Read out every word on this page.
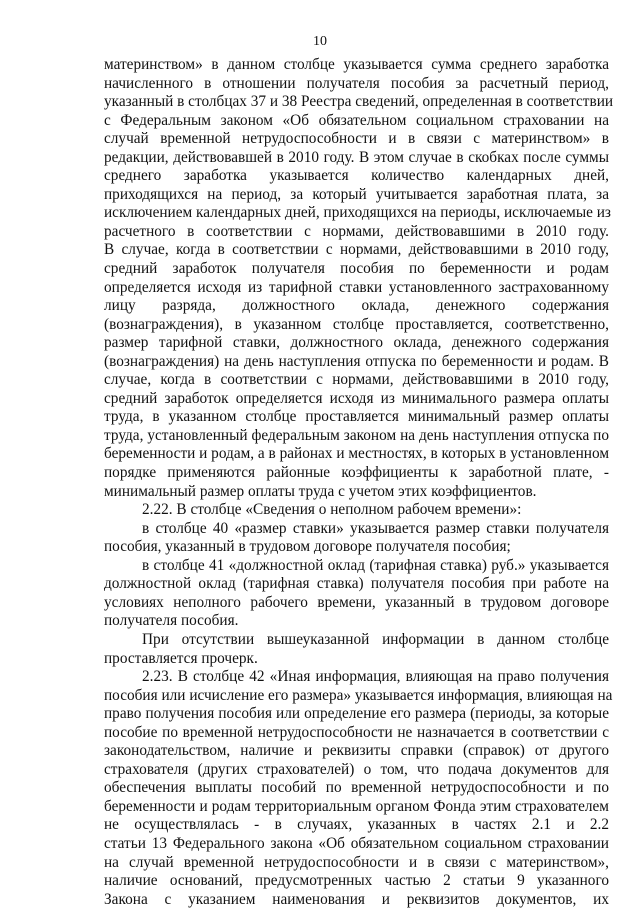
10
материнством» в данном столбце указывается сумма среднего заработка
начисленного в отношении получателя пособия за расчетный период,
указанный в столбцах 37 и 38 Реестра сведений, определенная в соответствии
с Федеральным законом «Об обязательном социальном страховании на
случай временной нетрудоспособности и в связи с материнством» в
редакции, действовавшей в 2010 году. В этом случае в скобках после суммы
среднего заработка указывается количество календарных дней,
приходящихся на период, за который учитывается заработная плата, за
исключением календарных дней, приходящихся на периоды, исключаемые из
расчетного в соответствии с нормами, действовавшими в 2010 году.
В случае, когда в соответствии с нормами, действовавшими в 2010 году,
средний заработок получателя пособия по беременности и родам
определяется исходя из тарифной ставки установленного застрахованному
лицу разряда, должностного оклада, денежного содержания
(вознаграждения), в указанном столбце проставляется, соответственно,
размер тарифной ставки, должностного оклада, денежного содержания
(вознаграждения) на день наступления отпуска по беременности и родам. В
случае, когда в соответствии с нормами, действовавшими в 2010 году,
средний заработок определяется исходя из минимального размера оплаты
труда, в указанном столбце проставляется минимальный размер оплаты
труда, установленный федеральным законом на день наступления отпуска по
беременности и родам, а в районах и местностях, в которых в установленном
порядке применяются районные коэффициенты к заработной плате, -
минимальный размер оплаты труда с учетом этих коэффициентов.
2.22. В столбце «Сведения о неполном рабочем времени»:
в столбце 40 «размер ставки» указывается размер ставки получателя
пособия, указанный в трудовом договоре получателя пособия;
в столбце 41 «должностной оклад (тарифная ставка) руб.» указывается
должностной оклад (тарифная ставка) получателя пособия при работе на
условиях неполного рабочего времени, указанный в трудовом договоре
получателя пособия.
При отсутствии вышеуказанной информации в данном столбце
проставляется прочерк.
2.23. В столбце 42 «Иная информация, влияющая на право получения
пособия или исчисление его размера» указывается информация, влияющая на
право получения пособия или определение его размера (периоды, за которые
пособие по временной нетрудоспособности не назначается в соответствии с
законодательством, наличие и реквизиты справки (справок) от другого
страхователя (других страхователей) о том, что подача документов для
обеспечения выплаты пособий по временной нетрудоспособности и по
беременности и родам территориальным органом Фонда этим страхователем
не осуществлялась - в случаях, указанных в частях 2.1 и 2.2
статьи 13 Федерального закона «Об обязательном социальном страховании
на случай временной нетрудоспособности и в связи с материнством»,
наличие оснований, предусмотренных частью 2 статьи 9 указанного
Закона с указанием наименования и реквизитов документов, их
